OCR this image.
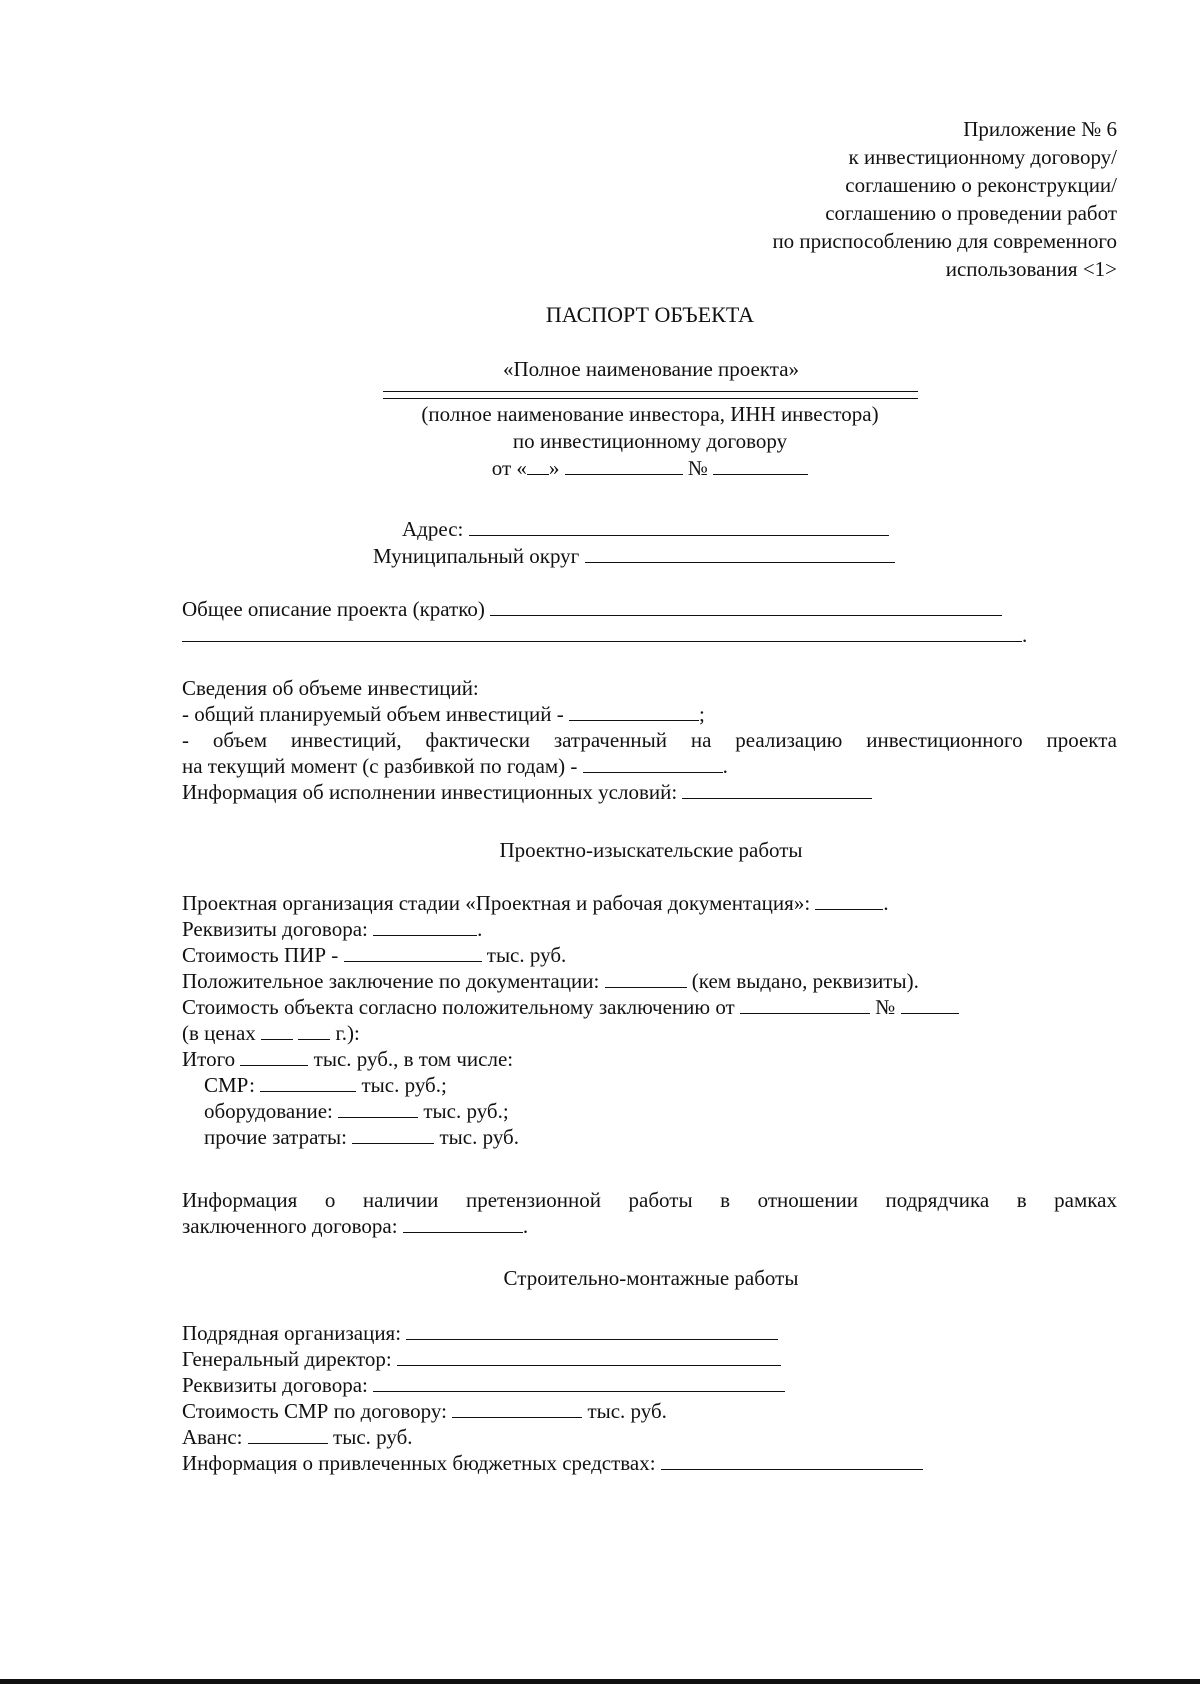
Приложение № 6
к инвестиционному договору/
соглашению о реконструкции/
соглашению о проведении работ
по приспособлению для современного
использования <1>
ПАСПОРТ ОБЪЕКТА
«Полное наименование проекта»
(полное наименование инвестора, ИНН инвестора)
по инвестиционному договору
от « »	№
Адрес:
Муниципальный округ
Общее описание проекта (кратко)
.
Сведения об объеме инвестиций:
- общий планируемый объем инвестиций -	;
- объем инвестиций, фактически затраченный на реализацию инвестиционного проекта
на текущий момент (с разбивкой по годам) -	.
Информация об исполнении инвестиционных условий:
Проектно-изыскательские работы
Проектная организация стадии «Проектная и рабочая документация»:	.
Реквизиты договора:	.
Стоимость ПИР -	тыс. руб.
Положительное заключение по документации:	(кем выдано, реквизиты).
Стоимость объекта согласно положительному заключению от	№
(в ценах	г.):
Итого	тыс. руб., в том числе:
СМР:	тыс. руб.;
оборудование:	тыс. руб.;
прочие затраты:	тыс. руб.
Информация о наличии претензионной работы в отношении подрядчика в рамках
заключенного договора:	.
Строительно-монтажные работы
Подрядная организация:
Генеральный директор:
Реквизиты договора:
Стоимость СМР по договору:	тыс. руб.
Аванс:	тыс. руб.
Информация о привлеченных бюджетных средствах:
